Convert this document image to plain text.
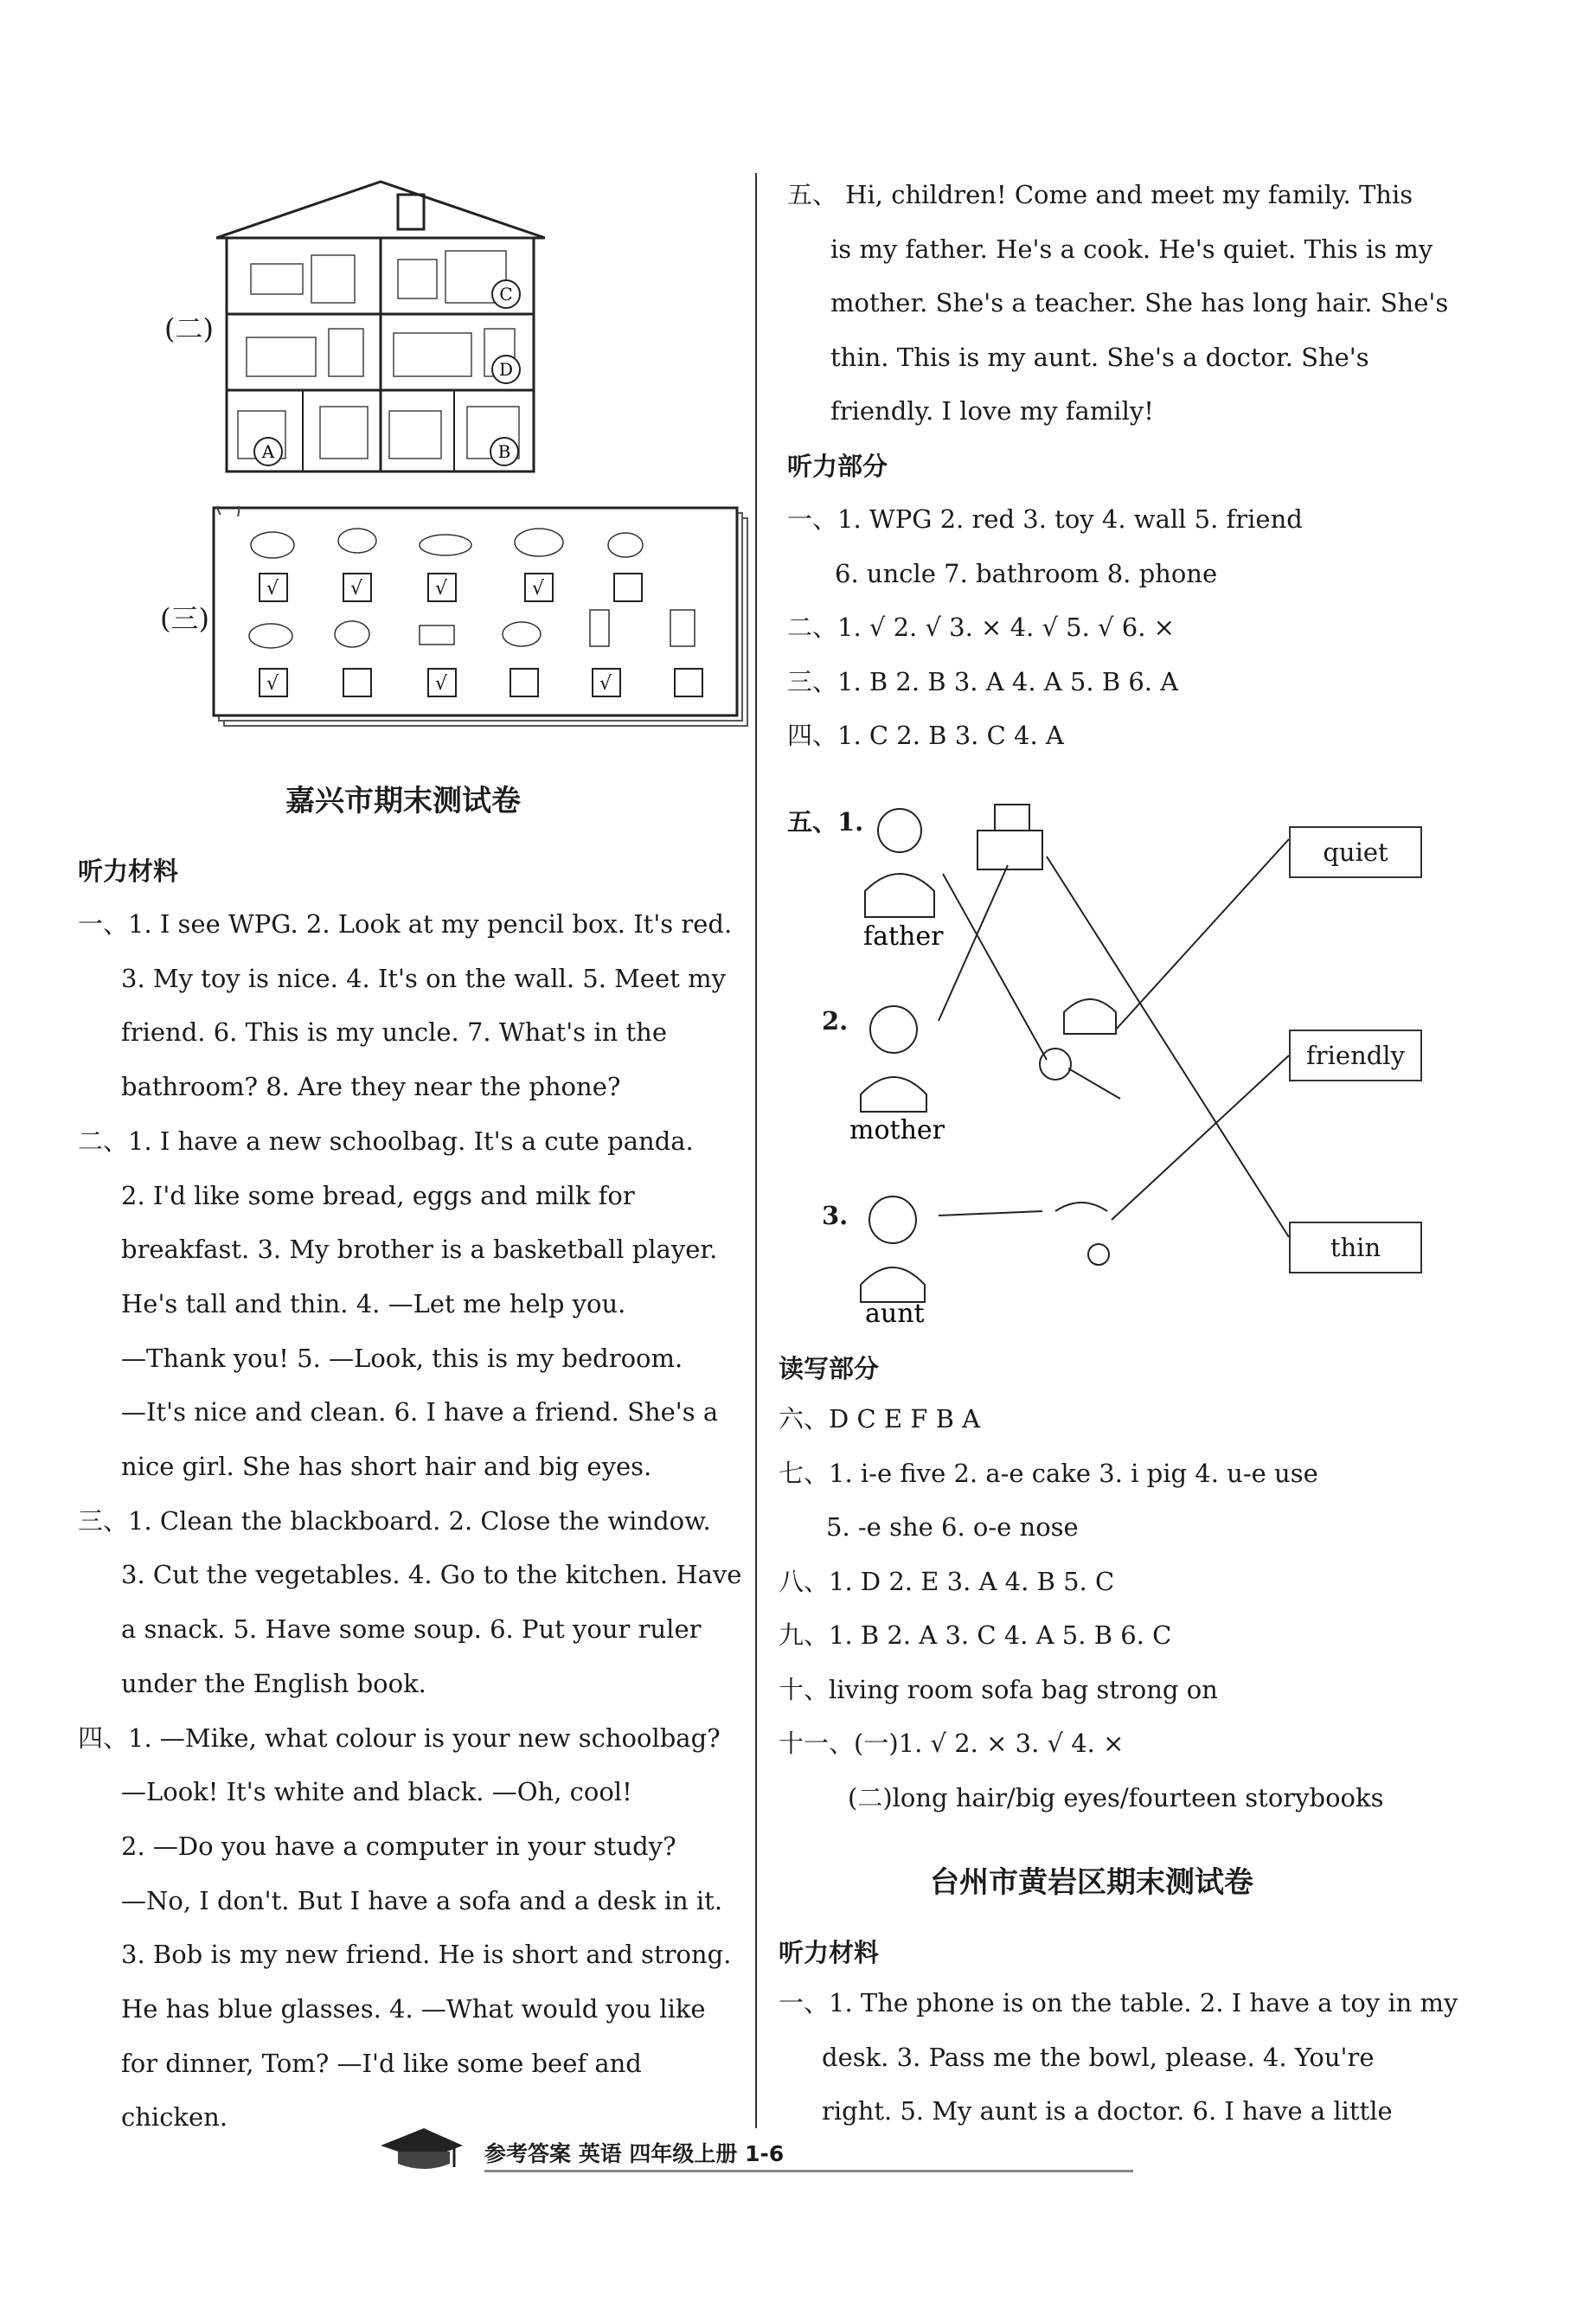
(二)
C
D
A	B
(三)
√	√	√	√
√	√	√
嘉兴市期末测试卷
听力材料
一、1. I see WPG. 2. Look at my pencil box. It's red.
3. My toy is nice. 4. It's on the wall. 5. Meet my
friend. 6. This is my uncle. 7. What's in the
bathroom? 8. Are they near the phone?
二、1. I have a new schoolbag. It's a cute panda.
2. I'd like some bread, eggs and milk for
breakfast. 3. My brother is a basketball player.
He's tall and thin. 4. —Let me help you.
—Thank you! 5. —Look, this is my bedroom.
—It's nice and clean. 6. I have a friend. She's a
nice girl. She has short hair and big eyes.
三、1. Clean the blackboard. 2. Close the window.
3. Cut the vegetables. 4. Go to the kitchen. Have
a snack. 5. Have some soup. 6. Put your ruler
under the English book.
四、1. —Mike, what colour is your new schoolbag?
—Look! It's white and black. —Oh, cool!
2. —Do you have a computer in your study?
—No, I don't. But I have a sofa and a desk in it.
3. Bob is my new friend. He is short and strong.
He has blue glasses. 4. —What would you like
for dinner, Tom? —I'd like some beef and
chicken.
五、 Hi, children! Come and meet my family. This
is my father. He's a cook. He's quiet. This is my
mother. She's a teacher. She has long hair. She's
thin. This is my aunt. She's a doctor. She's
friendly. I love my family!
听力部分
一、1. WPG 2. red 3. toy 4. wall 5. friend
6. uncle 7. bathroom 8. phone
二、1. √ 2. √ 3. × 4. √ 5. √ 6. ×
三、1. B 2. B 3. A 4. A 5. B 6. A
四、1. C 2. B 3. C 4. A
五、1.
2.
3.
father
mother
aunt
quiet
friendly
thin
读写部分
六、D C E F B A
七、1. i-e five 2. a-e cake 3. i pig 4. u-e use
5. -e she 6. o-e nose
八、1. D 2. E 3. A 4. B 5. C
九、1. B 2. A 3. C 4. A 5. B 6. C
十、living room sofa bag strong on
十一、(一)1. √ 2. × 3. √ 4. ×
(二)long hair/big eyes/fourteen storybooks
台州市黄岩区期末测试卷
听力材料
一、1. The phone is on the table. 2. I have a toy in my
desk. 3. Pass me the bowl, please. 4. You're
right. 5. My aunt is a doctor. 6. I have a little
参考答案 英语 四年级上册 1-6
